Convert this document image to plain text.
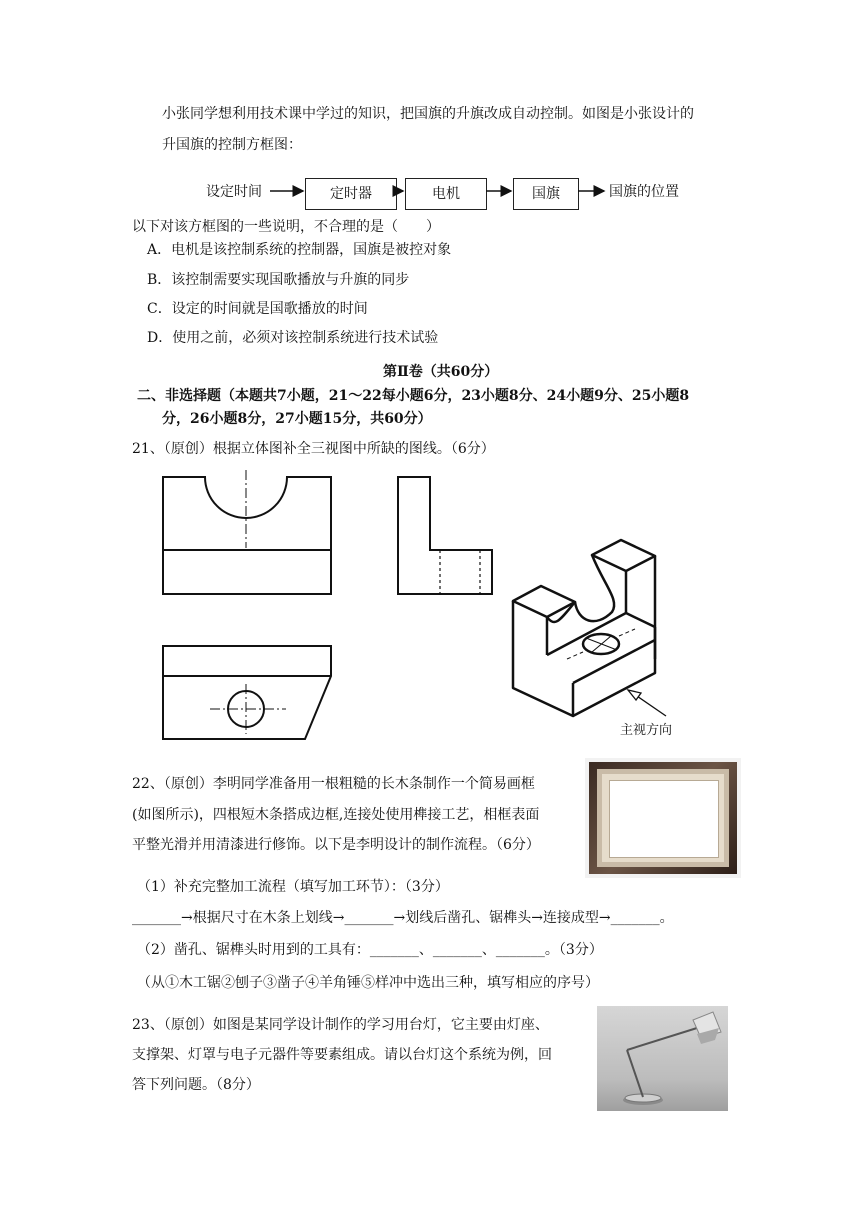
小张同学想利用技术课中学过的知识，把国旗的升旗改成自动控制。如图是小张设计的
升国旗的控制方框图：
设定时间	定时器	电机	国旗	国旗的位置
以下对该方框图的一些说明，不合理的是（　　）
A．电机是该控制系统的控制器，国旗是被控对象
B．该控制需要实现国歌播放与升旗的同步
C．设定的时间就是国歌播放的时间
D．使用之前，必须对该控制系统进行技术试验
第Ⅱ卷（共60分）
二、非选择题（本题共7小题，21～22每小题6分，23小题8分、24小题9分、25小题8
分，26小题8分，27小题15分，共60分）
21、（原创）根据立体图补全三视图中所缺的图线。（6分）
主视方向
22、（原创）李明同学准备用一根粗糙的长木条制作一个简易画框
(如图所示)，四根短木条搭成边框,连接处使用榫接工艺，相框表面
平整光滑并用清漆进行修饰。以下是李明设计的制作流程。（6分）
（1）补充完整加工流程（填写加工环节）：（3分）
_______→根据尺寸在木条上划线→_______→划线后凿孔、锯榫头→连接成型→_______。
（2）凿孔、锯榫头时用到的工具有：_______、_______、_______。（3分）
（从①木工锯②刨子③凿子④羊角锤⑤样冲中选出三种，填写相应的序号）
23、（原创）如图是某同学设计制作的学习用台灯，它主要由灯座、
支撑架、灯罩与电子元器件等要素组成。请以台灯这个系统为例，回
答下列问题。（8分）
